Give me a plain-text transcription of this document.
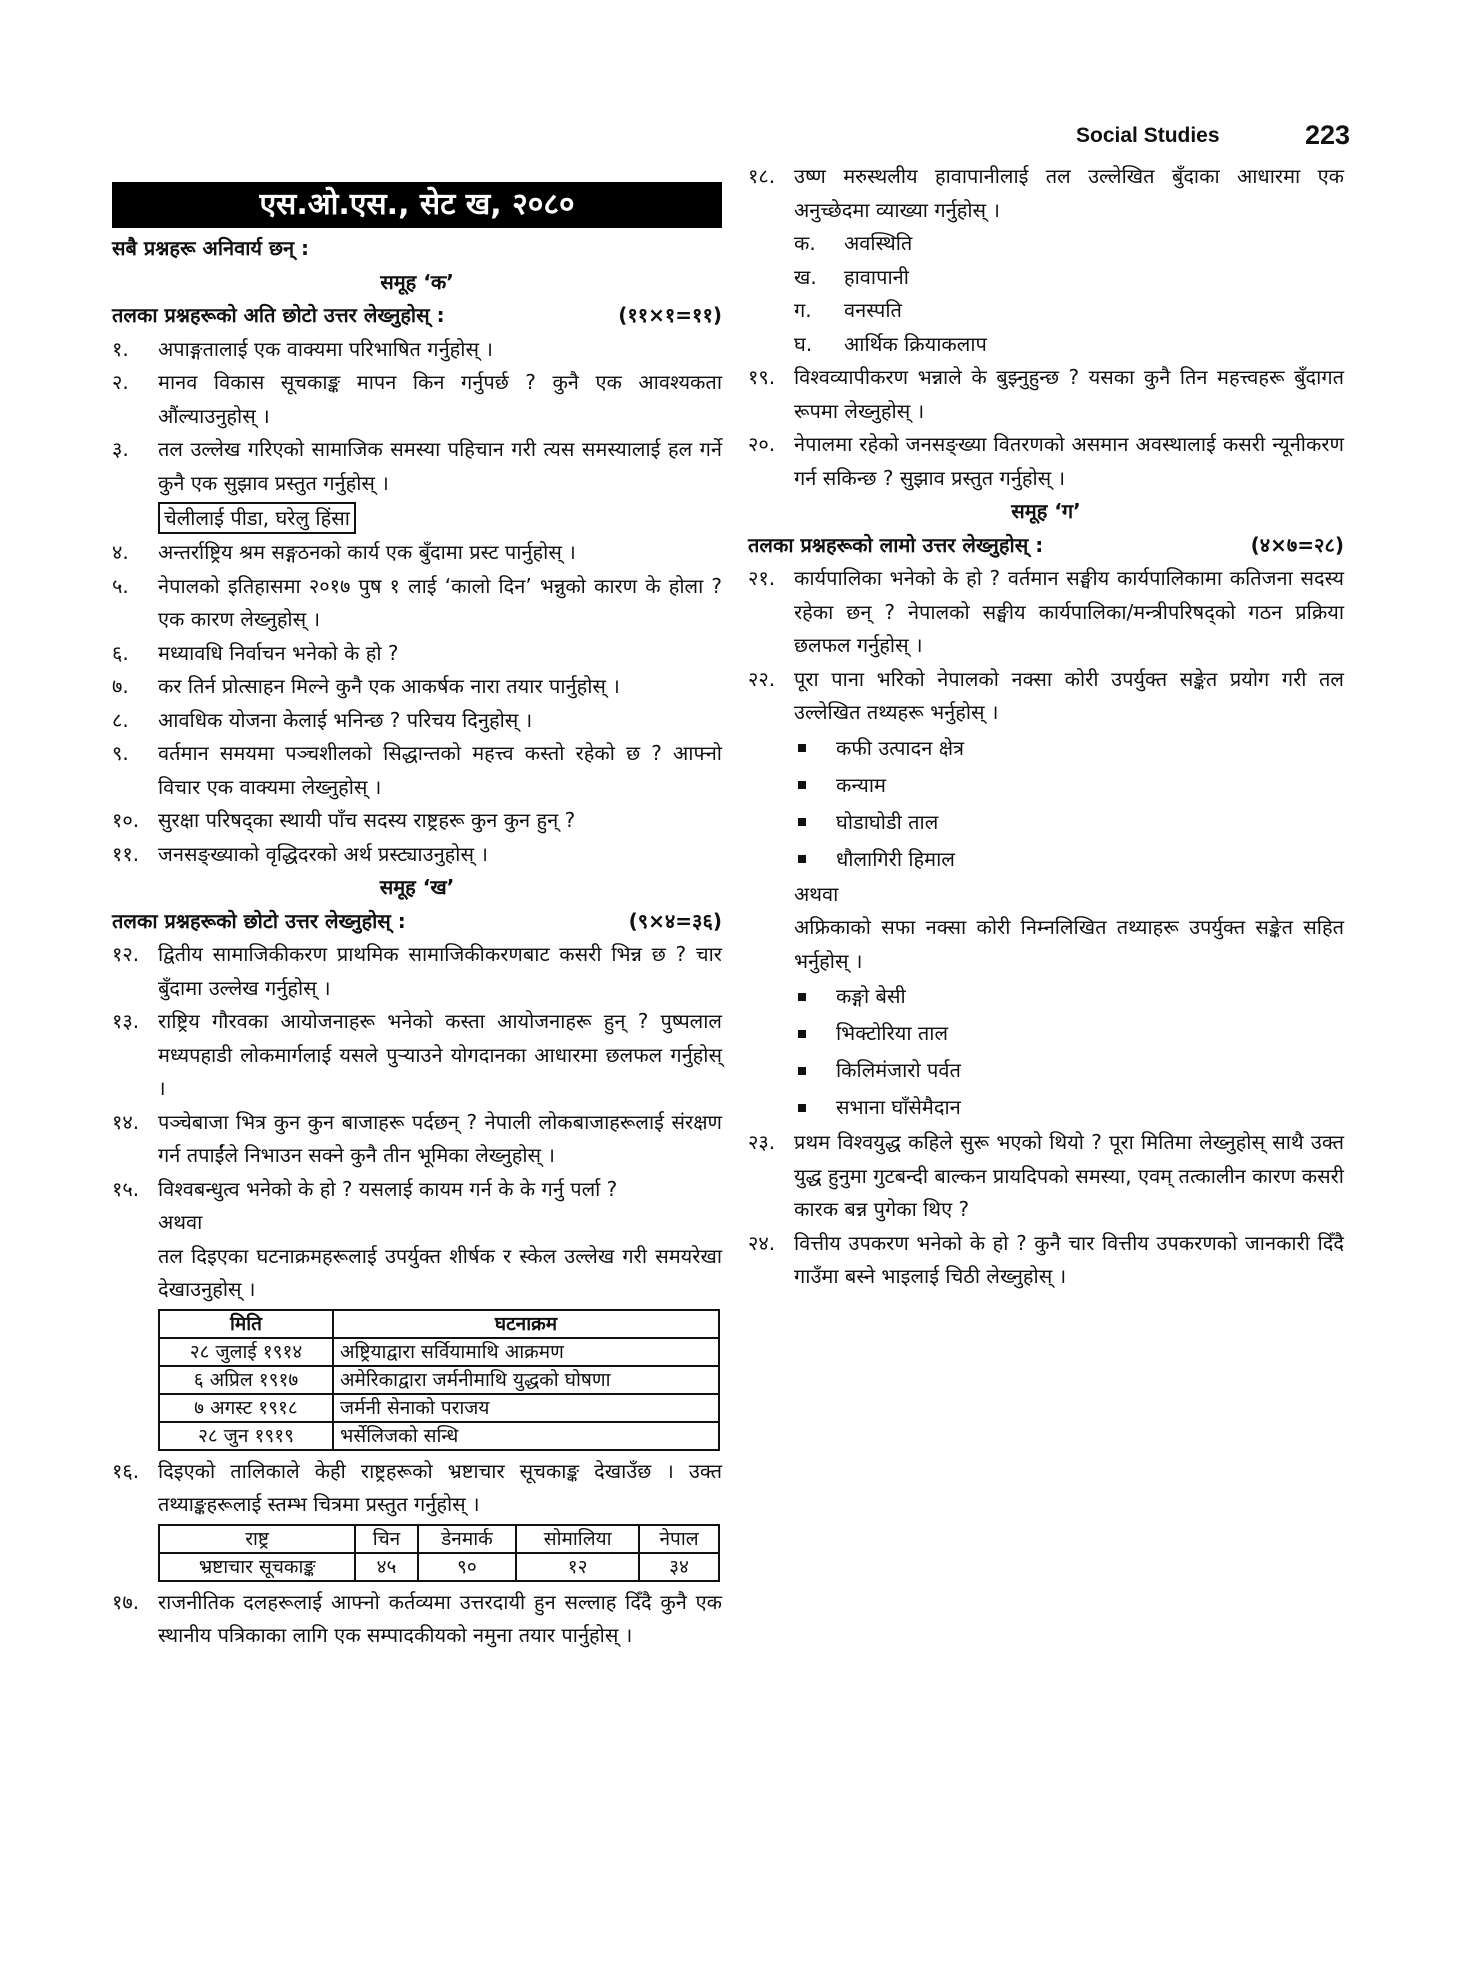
Social Studies	223
एस.ओ.एस., सेट ख, २०८०
सबै प्रश्नहरू अनिवार्य छन् :
समूह ‘क’
तलका प्रश्नहरूको अति छोटो उत्तर लेख्नुहोस् :	(११×१=११)
१.	अपाङ्गतालाई एक वाक्यमा परिभाषित गर्नुहोस् ।
२.	मानव विकास सूचकाङ्क मापन किन गर्नुपर्छ ? कुनै एक आवश्यकता औंल्याउनुहोस् ।
३.	तल उल्लेख गरिएको सामाजिक समस्या पहिचान गरी त्यस समस्यालाई हल गर्ने कुनै एक सुझाव प्रस्तुत गर्नुहोस् ।
चेलीलाई पीडा, घरेलु हिंसा
४.	अन्तर्राष्ट्रिय श्रम सङ्गठनको कार्य एक बुँदामा प्रस्ट पार्नुहोस् ।
५.	नेपालको इतिहासमा २०१७ पुष १ लाई ‘कालो दिन’ भन्नुको कारण के होला ? एक कारण लेख्नुहोस् ।
६.	मध्यावधि निर्वाचन भनेको के हो ?
७.	कर तिर्न प्रोत्साहन मिल्ने कुनै एक आकर्षक नारा तयार पार्नुहोस् ।
८.	आवधिक योजना केलाई भनिन्छ ? परिचय दिनुहोस् ।
९.	वर्तमान समयमा पञ्चशीलको सिद्धान्तको महत्त्व कस्तो रहेको छ ? आफ्नो विचार एक वाक्यमा लेख्नुहोस् ।
१०. सुरक्षा परिषद्का स्थायी पाँच सदस्य राष्ट्रहरू कुन कुन हुन् ?
११. जनसङ्ख्याको वृद्धिदरको अर्थ प्रस्ट्याउनुहोस् ।
समूह ‘ख’
तलका प्रश्नहरूको छोटो उत्तर लेख्नुहोस् :	(९×४=३६)
१२. द्वितीय सामाजिकीकरण प्राथमिक सामाजिकीकरणबाट कसरी भिन्न छ ? चार बुँदामा उल्लेख गर्नुहोस् ।
१३. राष्ट्रिय गौरवका आयोजनाहरू भनेको कस्ता आयोजनाहरू हुन् ? पुष्पलाल मध्यपहाडी लोकमार्गलाई यसले पुऱ्याउने योगदानका आधारमा छलफल गर्नुहोस् ।
१४. पञ्चेबाजा भित्र कुन कुन बाजाहरू पर्दछन् ? नेपाली लोकबाजाहरूलाई संरक्षण गर्न तपाईंले निभाउन सक्ने कुनै तीन भूमिका लेख्नुहोस् ।
१५. विश्वबन्धुत्व भनेको के हो ? यसलाई कायम गर्न के के गर्नु पर्ला ?
अथवा
तल दिइएका घटनाक्रमहरूलाई उपर्युक्त शीर्षक र स्केल उल्लेख गरी समयरेखा देखाउनुहोस् ।
मिति	घटनाक्रम
२८ जुलाई १९१४	अष्ट्रियाद्वारा सर्वियामाथि आक्रमण
६ अप्रिल १९१७	अमेरिकाद्वारा जर्मनीमाथि युद्धको घोषणा
७ अगस्ट १९१८	जर्मनी सेनाको पराजय
२८ जुन १९१९	भर्सेलिजको सन्धि
१६. दिइएको तालिकाले केही राष्ट्रहरूको भ्रष्टाचार सूचकाङ्क देखाउँछ । उक्त तथ्याङ्कहरूलाई स्तम्भ चित्रमा प्रस्तुत गर्नुहोस् ।
राष्ट्र	चिन	डेनमार्क	सोमालिया	नेपाल
भ्रष्टाचार सूचकाङ्क	४५	९०	१२	३४
१७. राजनीतिक दलहरूलाई आफ्नो कर्तव्यमा उत्तरदायी हुन सल्लाह दिँदै कुनै एक स्थानीय पत्रिकाका लागि एक सम्पादकीयको नमुना तयार पार्नुहोस् ।
१८. उष्ण मरुस्थलीय हावापानीलाई तल उल्लेखित बुँदाका आधारमा एक अनुच्छेदमा व्याख्या गर्नुहोस् ।
क.	अवस्थिति
ख.	हावापानी
ग.	वनस्पति
घ.	आर्थिक क्रियाकलाप
१९. विश्वव्यापीकरण भन्नाले के बुझ्नुहुन्छ ? यसका कुनै तिन महत्त्वहरू बुँदागत रूपमा लेख्नुहोस् ।
२०. नेपालमा रहेको जनसङ्ख्या वितरणको असमान अवस्थालाई कसरी न्यूनीकरण गर्न सकिन्छ ? सुझाव प्रस्तुत गर्नुहोस् ।
समूह ‘ग’
तलका प्रश्नहरूको लामो उत्तर लेख्नुहोस् :	(४×७=२८)
२१. कार्यपालिका भनेको के हो ? वर्तमान सङ्घीय कार्यपालिकामा कतिजना सदस्य रहेका छन् ? नेपालको सङ्घीय कार्यपालिका/मन्त्रीपरिषद्को गठन प्रक्रिया छलफल गर्नुहोस् ।
२२. पूरा पाना भरिको नेपालको नक्सा कोरी उपर्युक्त सङ्केत प्रयोग गरी तल उल्लेखित तथ्यहरू भर्नुहोस् ।
कफी उत्पादन क्षेत्र
कन्याम
घोडाघोडी ताल
धौलागिरी हिमाल
अथवा
अफ्रिकाको सफा नक्सा कोरी निम्नलिखित तथ्याहरू उपर्युक्त सङ्केत सहित भर्नुहोस् ।
कङ्गो बेसी
भिक्टोरिया ताल
किलिमंजारो पर्वत
सभाना घाँसेमैदान
२३. प्रथम विश्वयुद्ध कहिले सुरू भएको थियो ? पूरा मितिमा लेख्नुहोस् साथै उक्त युद्ध हुनुमा गुटबन्दी बाल्कन प्रायदिपको समस्या, एवम् तत्कालीन कारण कसरी कारक बन्न पुगेका थिए ?
२४. वित्तीय उपकरण भनेको के हो ? कुनै चार वित्तीय उपकरणको जानकारी दिँदै गाउँमा बस्ने भाइलाई चिठी लेख्नुहोस् ।
